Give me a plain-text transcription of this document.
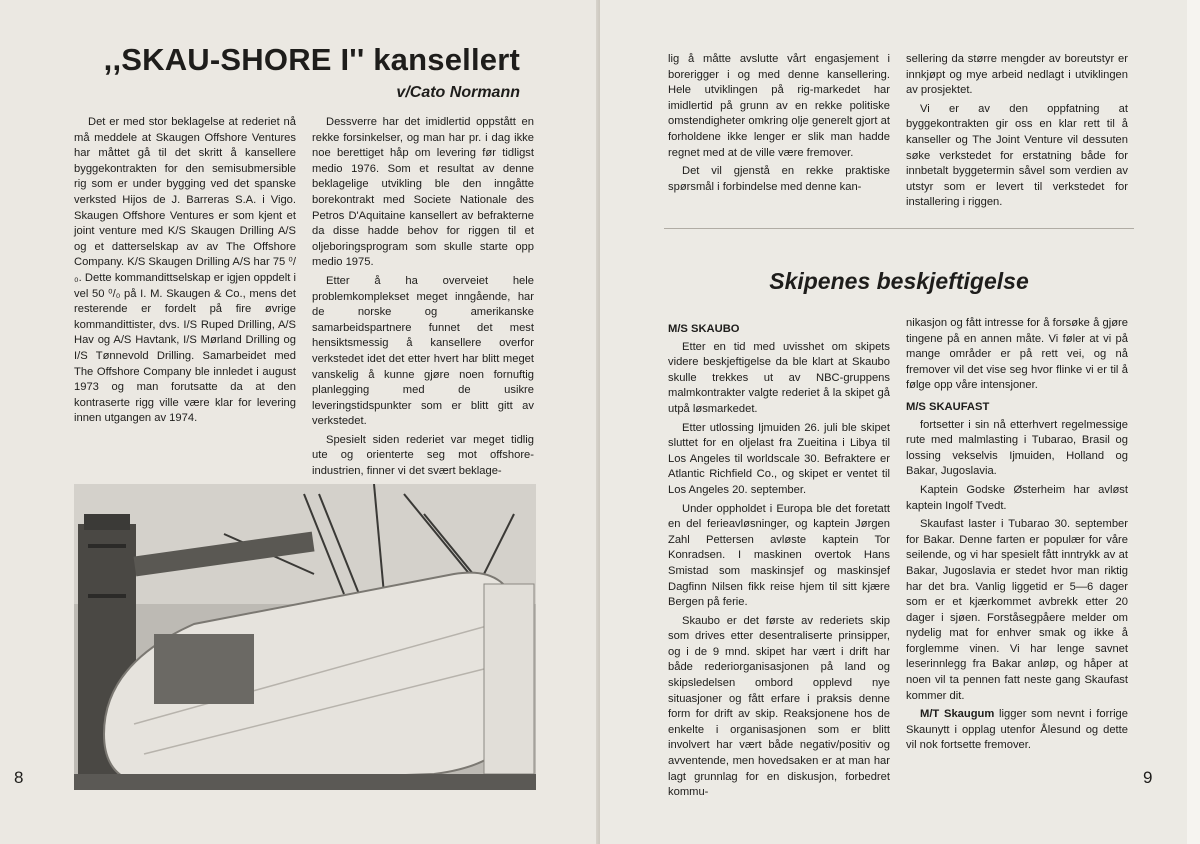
,,SKAU-SHORE I'' kansellert
v/Cato Normann

Det er med stor beklagelse at rederiet nå må meddele at Skaugen Offshore Ventures har måttet gå til det skritt å kansellere byggekontrakten for den semisubmersible rig som er under bygging ved det spanske verksted Hijos de J. Barreras S.A. i Vigo. Skaugen Offshore Ventures er som kjent et joint venture med K/S Skaugen Drilling A/S og et datterselskap av av The Offshore Company. K/S Skaugen Drilling A/S har 75 ⁰/₀. Dette kommandittselskap er igjen oppdelt i vel 50 ⁰/₀ på I. M. Skaugen & Co., mens det resterende er fordelt på fire øvrige kommandittister, dvs. I/S Ruped Drilling, A/S Hav og A/S Havtank, I/S Mørland Drilling og I/S Tønnevold Drilling. Samarbeidet med The Offshore Company ble innledet i august 1973 og man forutsatte da at den kontraserte rigg ville være klar for levering innen utgangen av 1974.

Dessverre har det imidlertid oppstått en rekke forsinkelser, og man har pr. i dag ikke noe berettiget håp om levering før tidligst medio 1976. Som et resultat av denne beklagelige utvikling ble den inngåtte borekontrakt med Societe Nationale des Petros D'Aquitaine kansellert av befrakterne da disse hadde behov for riggen til et oljeboringsprogram som skulle starte opp medio 1975.

Etter å ha overveiet hele problemkomplekset meget inngående, har de norske og amerikanske samarbeidspartnere funnet det mest hensiktsmessig å kansellere overfor verkstedet idet det etter hvert har blitt meget vanskelig å kunne gjøre noen fornuftig planlegging med de usikre leveringstidspunkter som er blitt gitt av verkstedet.

Spesielt siden rederiet var meget tidlig ute og orienterte seg mot offshore-industrien, finner vi det svært beklage-

8

lig å måtte avslutte vårt engasjement i borerigger i og med denne kansellering. Hele utviklingen på rig-markedet har imidlertid på grunn av en rekke politiske omstendigheter omkring olje generelt gjort at forholdene ikke lenger er slik man hadde regnet med at de ville være fremover.

Det vil gjenstå en rekke praktiske spørsmål i forbindelse med denne kan-

sellering da større mengder av boreutstyr er innkjøpt og mye arbeid nedlagt i utviklingen av prosjektet.

Vi er av den oppfatning at byggekontrakten gir oss en klar rett til å kanseller og The Joint Venture vil dessuten søke verkstedet for erstatning både for innbetalt byggetermin såvel som verdien av utstyr som er levert til verkstedet for installering i riggen.

Skipenes beskjeftigelse

M/S SKAUBO

Etter en tid med uvisshet om skipets videre beskjeftigelse da ble klart at Skaubo skulle trekkes ut av NBC-gruppens malmkontrakter valgte rederiet å la skipet gå utpå løsmarkedet.

Etter utlossing Ijmuiden 26. juli ble skipet sluttet for en oljelast fra Zueitina i Libya til Los Angeles til worldscale 30. Befraktere er Atlantic Richfield Co., og skipet er ventet til Los Angeles 20. september.

Under oppholdet i Europa ble det foretatt en del ferieavløsninger, og kaptein Jørgen Zahl Pettersen avløste kaptein Tor Konradsen. I maskinen overtok Hans Smistad som maskinsjef og maskinsjef Dagfinn Nilsen fikk reise hjem til sitt kjære Bergen på ferie.

Skaubo er det første av rederiets skip som drives etter desentraliserte prinsipper, og i de 9 mnd. skipet har vært i drift har både rederiorganisasjonen på land og skipsledelsen ombord opplevd nye situasjoner og fått erfare i praksis denne form for drift av skip. Reaksjonene hos de enkelte i organisasjonen som er blitt involvert har vært både negativ/positiv og avventende, men hovedsaken er at man har lagt grunnlag for en diskusjon, forbedret kommu-

nikasjon og fått intresse for å forsøke å gjøre tingene på en annen måte. Vi føler at vi på mange områder er på rett vei, og nå fremover vil det vise seg hvor flinke vi er til å følge opp våre intensjoner.

M/S SKAUFAST

fortsetter i sin nå etterhvert regelmessige rute med malmlasting i Tubarao, Brasil og lossing vekselvis Ijmuiden, Holland og Bakar, Jugoslavia.

Kaptein Godske Østerheim har avløst kaptein Ingolf Tvedt.

Skaufast laster i Tubarao 30. september for Bakar. Denne farten er populær for våre seilende, og vi har spesielt fått inntrykk av at Bakar, Jugoslavia er stedet hvor man riktig har det bra. Vanlig liggetid er 5—6 dager som er et kjærkommet avbrekk etter 20 dager i sjøen. Forståsegpåere melder om nydelig mat for enhver smak og ikke å forglemme vinen. Vi har lenge savnet leserinnlegg fra Bakar anløp, og håper at noen vil ta pennen fatt neste gang Skaufast kommer dit.

M/T Skaugum ligger som nevnt i forrige Skaunytt i opplag utenfor Ålesund og dette vil nok fortsette fremover.

9
